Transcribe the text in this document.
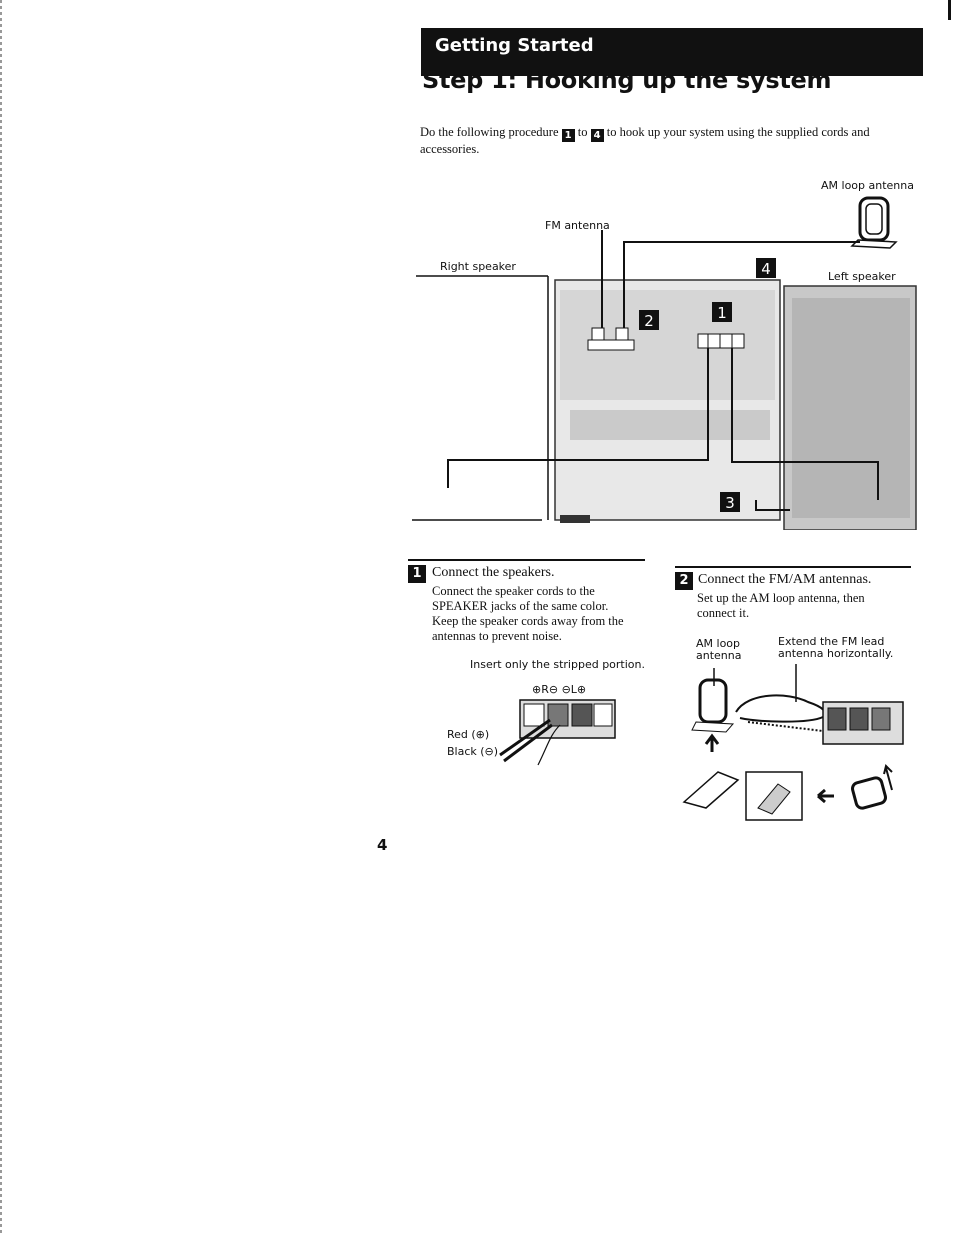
Getting Started
Step 1: Hooking up the system
Do the following procedure 1 to 4 to hook up your system using the supplied cords and accessories.
2	1
3
4
AM loop antenna
FM antenna
Right speaker
Left speaker
1 Connect the speakers.
Connect the speaker cords to the
SPEAKER jacks of the same color.
Keep the speaker cords away from the
antennas to prevent noise.
Insert only the stripped portion.
⊕R⊖ ⊖L⊕
Red (⊕)
Black (⊖)
2 Connect the FM/AM antennas.
Set up the AM loop antenna, then
connect it.
AM loop
antenna
Extend the FM lead
antenna horizontally.
4
